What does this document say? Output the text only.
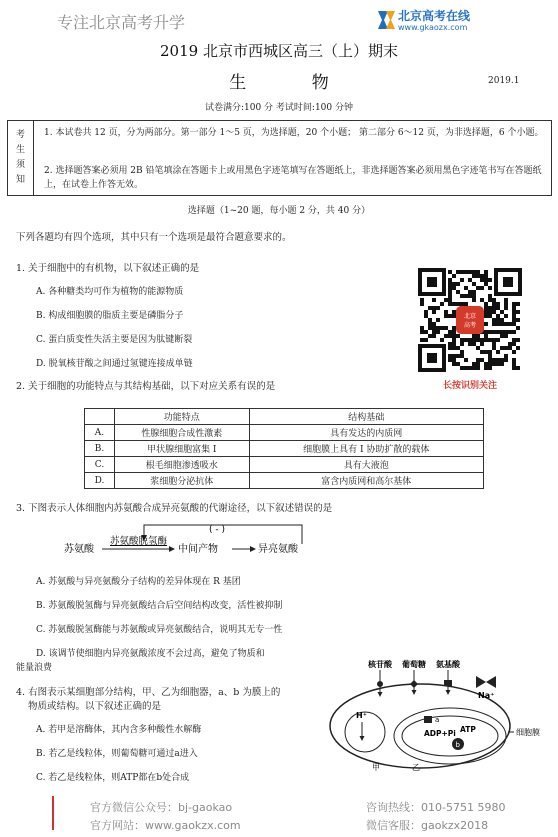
专注北京高考升学	北京高考在线
www.gkaozx.com
2019 北京市西城区高三（上）期末
生 物	2019.1
试卷满分:100 分 考试时间:100 分钟
考生须知
1. 本试卷共 12 页，分为两部分。第一部分 1～5 页，为选择题，20 个小题； 第二部分 6～12 页，为非选择题，6 个小题。
2. 选择题答案必须用 2B 铅笔填涂在答题卡上或用黑色字迹笔填写在答题纸上，非选择题答案必须用黑色字迹笔书写在答题纸上，在试卷上作答无效。
选择题（1~20 题，每小题 2 分，共 40 分）
下列各题均有四个选项，其中只有一个选项是最符合题意要求的。
1. 关于细胞中的有机物，以下叙述正确的是
A. 各种糖类均可作为植物的能源物质
B. 构成细胞膜的脂质主要是磷脂分子
C. 蛋白质变性失活主要是因为肽键断裂
D. 脱氧核苷酸之间通过氢键连接成单链
北京
高考
长按识别关注
2. 关于细胞的功能特点与其结构基础，以下对应关系有误的是
	功能特点	结构基础
A.	性腺细胞合成性激素	具有发达的内质网
B.	甲状腺细胞富集 I	细胞膜上具有 I 协助扩散的载体
C.	根毛细胞渗透吸水	具有大液泡
D.	浆细胞分泌抗体	富含内质网和高尔基体
3. 下图表示人体细胞内苏氨酸合成异亮氨酸的代谢途径，以下叙述错误的是
( - )
苏氨酸
苏氨酸脱氢酶
中间产物	异亮氨酸
A. 苏氨酸与异亮氨酸分子结构的差异体现在 R 基团
B. 苏氨酸脱氢酶与异亮氨酸结合后空间结构改变，活性被抑制
C. 苏氨酸脱氢酶能与苏氨酸或异亮氨酸结合，说明其无专一性
D. 该调节使细胞内异亮氨酸浓度不会过高，避免了物质和
能量浪费
4. 右图表示某细胞部分结构，甲、乙为细胞器，a、b 为膜上的
物质或结构。以下叙述正确的是
A. 若甲是溶酶体，其内含多种酸性水解酶
B. 若乙是线粒体，则葡萄糖可通过a进入
C. 若乙是线粒体，则ATP都在b处合成
核苷酸 葡萄糖 氨基酸
Na⁺
H⁺
甲
a
ADP+Pi ATP
b
乙
细胞膜
官方微信公众号：bj-gaokao
官方网站：www.gaokzx.com
咨询热线：010-5751 5980
微信客服：gaokzx2018
